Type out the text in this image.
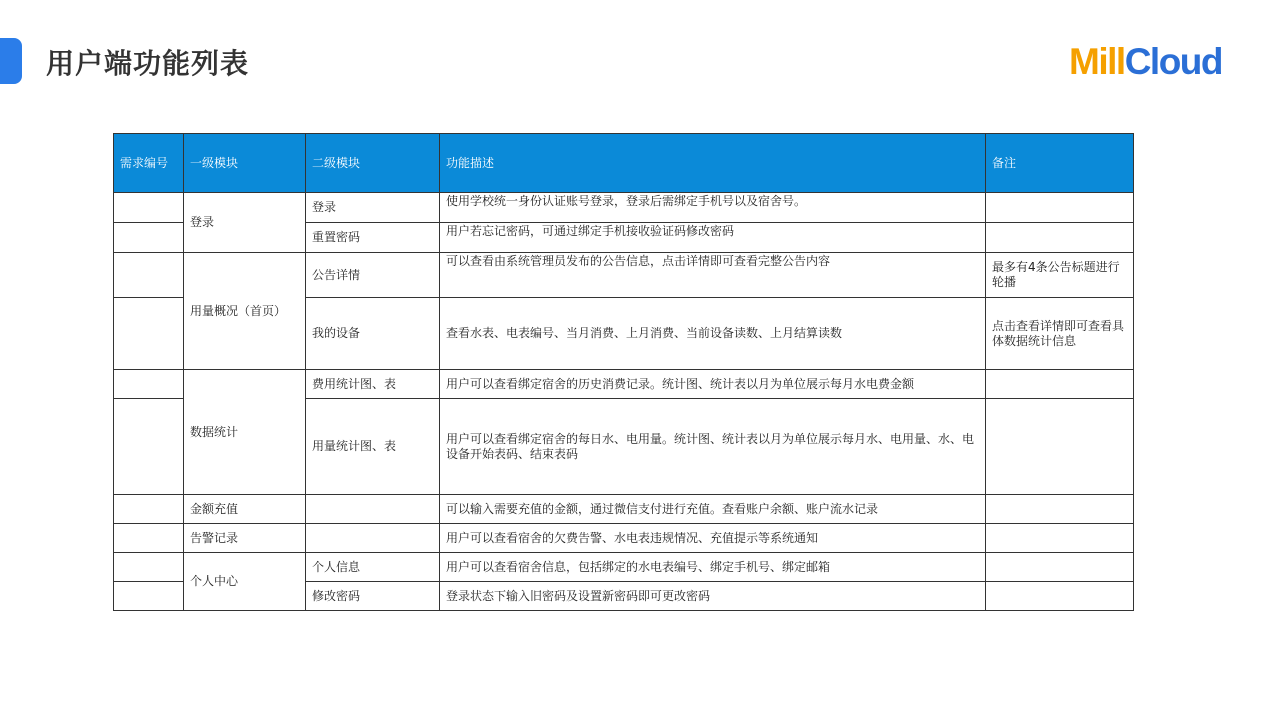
用户端功能列表	MillCloud
需求编号	一级模块	二级模块	功能描述	备注
	登录	登录	使用学校统一身份认证账号登录，登录后需绑定手机号以及宿舍号。	
		重置密码	用户若忘记密码，可通过绑定手机接收验证码修改密码	
	用量概况（首页）	公告详情	可以查看由系统管理员发布的公告信息，点击详情即可查看完整公告内容	最多有4条公告标题进行轮播
		我的设备	查看水表、电表编号、当月消费、上月消费、当前设备读数、上月结算读数	点击查看详情即可查看具体数据统计信息
	数据统计	费用统计图、表	用户可以查看绑定宿舍的历史消费记录。统计图、统计表以月为单位展示每月水电费金额	
		用量统计图、表	用户可以查看绑定宿舍的每日水、电用量。统计图、统计表以月为单位展示每月水、电用量、水、电设备开始表码、结束表码	
	金额充值		可以输入需要充值的金额，通过微信支付进行充值。查看账户余额、账户流水记录	
	告警记录		用户可以查看宿舍的欠费告警、水电表违规情况、充值提示等系统通知	
	个人中心	个人信息	用户可以查看宿舍信息，包括绑定的水电表编号、绑定手机号、绑定邮箱	
		修改密码	登录状态下输入旧密码及设置新密码即可更改密码	
